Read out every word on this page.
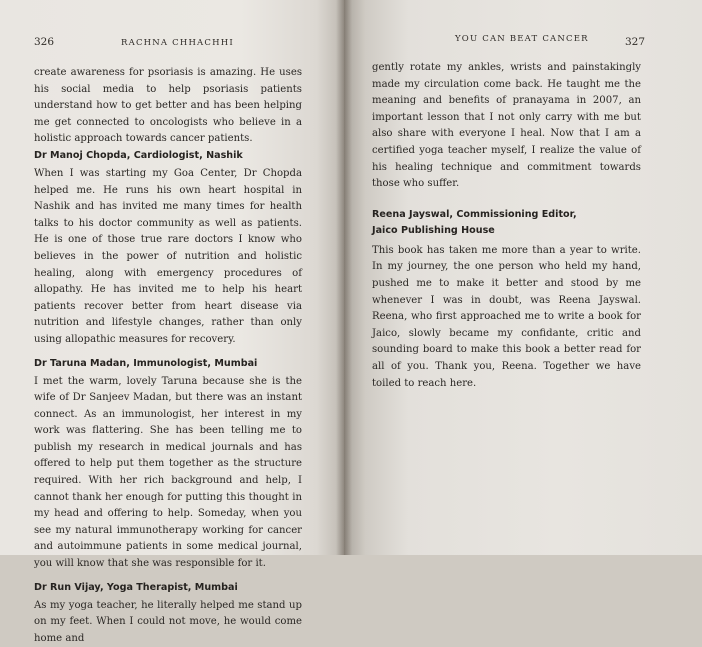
326	RACHNA CHHACHHI

create awareness for psoriasis is amazing. He uses his social media to help psoriasis patients understand how to get better and has been helping me get connected to oncologists who believe in a holistic approach towards cancer patients.

Dr Manoj Chopda, Cardiologist, Nashik

When I was starting my Goa Center, Dr Chopda helped me. He runs his own heart hospital in Nashik and has invited me many times for health talks to his doctor community as well as patients. He is one of those true rare doctors I know who believes in the power of nutrition and holistic healing, along with emergency procedures of allopathy. He has invited me to help his heart patients recover better from heart disease via nutrition and lifestyle changes, rather than only using allopathic measures for recovery.

Dr Taruna Madan, Immunologist, Mumbai

I met the warm, lovely Taruna because she is the wife of Dr Sanjeev Madan, but there was an instant connect. As an immunologist, her interest in my work was flattering. She has been telling me to publish my research in medical journals and has offered to help put them together as the structure required. With her rich background and help, I cannot thank her enough for putting this thought in my head and offering to help. Someday, when you see my natural immunotherapy working for cancer and autoimmune patients in some medical journal, you will know that she was responsible for it.

Dr Run Vijay, Yoga Therapist, Mumbai

As my yoga teacher, he literally helped me stand up on my feet. When I could not move, he would come home and

YOU CAN BEAT CANCER	327

gently rotate my ankles, wrists and painstakingly made my circulation come back. He taught me the meaning and benefits of pranayama in 2007, an important lesson that I not only carry with me but also share with everyone I heal. Now that I am a certified yoga teacher myself, I realize the value of his healing technique and commitment towards those who suffer.

Reena Jayswal, Commissioning Editor,
Jaico Publishing House

This book has taken me more than a year to write. In my journey, the one person who held my hand, pushed me to make it better and stood by me whenever I was in doubt, was Reena Jayswal. Reena, who first approached me to write a book for Jaico, slowly became my confidante, critic and sounding board to make this book a better read for all of you. Thank you, Reena. Together we have toiled to reach here.
